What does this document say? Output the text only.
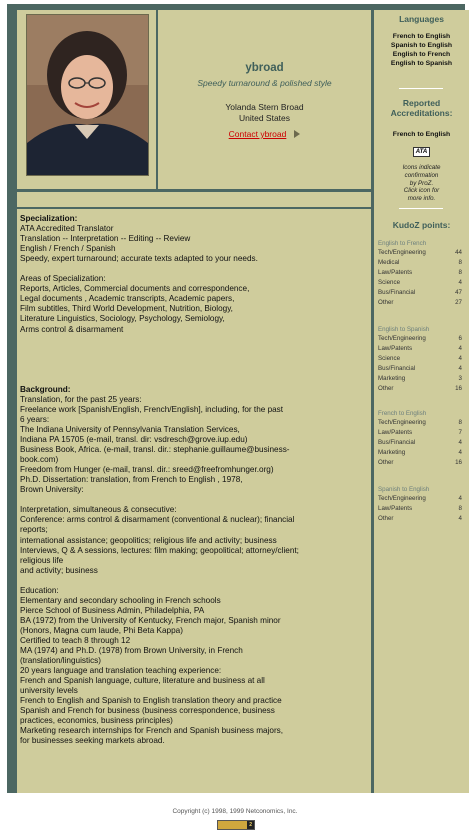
ybroad
Speedy turnaround & polished style
Yolanda Stern Broad
United States
Contact ybroad
Specialization:
ATA Accredited Translator
Translation -- Interpretation -- Editing -- Review
English / French / Spanish
Speedy, expert turnaround; accurate texts adapted to your needs.

Areas of Specialization:
Reports, Articles, Commercial documents and correspondence,
Legal documents , Academic transcripts, Academic papers,
Film subtitles, Third World Development, Nutrition, Biology,
Literature Linguistics, Sociology, Psychology, Semiology,
Arms control & disarmament

Background:
Translation, for the past 25 years:
Freelance work [Spanish/English, French/English], including, for the past
6 years:
The Indiana University of Pennsylvania Translation Services,
Indiana PA 15705 (e-mail, transl. dir: vsdresch@grove.iup.edu)
Business Book, Africa. (e-mail, transl. dir.: stephanie.guillaume@business-
book.com)
Freedom from Hunger (e-mail, transl. dir.: sreed@freefromhunger.org)
Ph.D. Dissertation: translation, from French to English , 1978,
Brown University:

Interpretation, simultaneous & consecutive:
Conference: arms control & disarmament (conventional & nuclear); financial
reports;
international assistance; geopolitics; religious life and activity; business
Interviews, Q & A sessions, lectures: film making; geopolitical; attorney/client;
religious life
and activity; business

Education:
Elementary and secondary schooling in French schools
Pierce School of Business Admin, Philadelphia, PA
BA (1972) from the University of Kentucky, French major, Spanish minor
(Honors, Magna cum laude, Phi Beta Kappa)
Certified to teach 8 through 12
MA (1974) and Ph.D. (1978) from Brown University, in French
(translation/linguistics)
20 years language and translation teaching experience:
French and Spanish language, culture, literature and business at all
university levels
French to English and Spanish to English translation theory and practice
Spanish and French for business (business correspondence, business
practices, economics, business principles)
Marketing research internships for French and Spanish business majors,
for businesses seeking markets abroad.
Languages
French to English
Spanish to English
English to French
English to Spanish
Reported Accreditations:
French to English
ATA
Icons indicate
confirmation
by ProZ.
Click icon for
more info.
KudoZ points:
English to French
Tech/Engineering	44
Medical	8
Law/Patents	8
Science	4
Bus/Financial	47
Other	27
English to Spanish
Tech/Engineering	6
Law/Patents	4
Science	4
Bus/Financial	4
Marketing	3
Other	16
French to English
Tech/Engineering	8
Law/Patents	7
Bus/Financial	4
Marketing	4
Other	16
Spanish to English
Tech/Engineering	4
Law/Patents	8
Other	4
Copyright (c) 1998, 1999 Netconomics, Inc.
2
